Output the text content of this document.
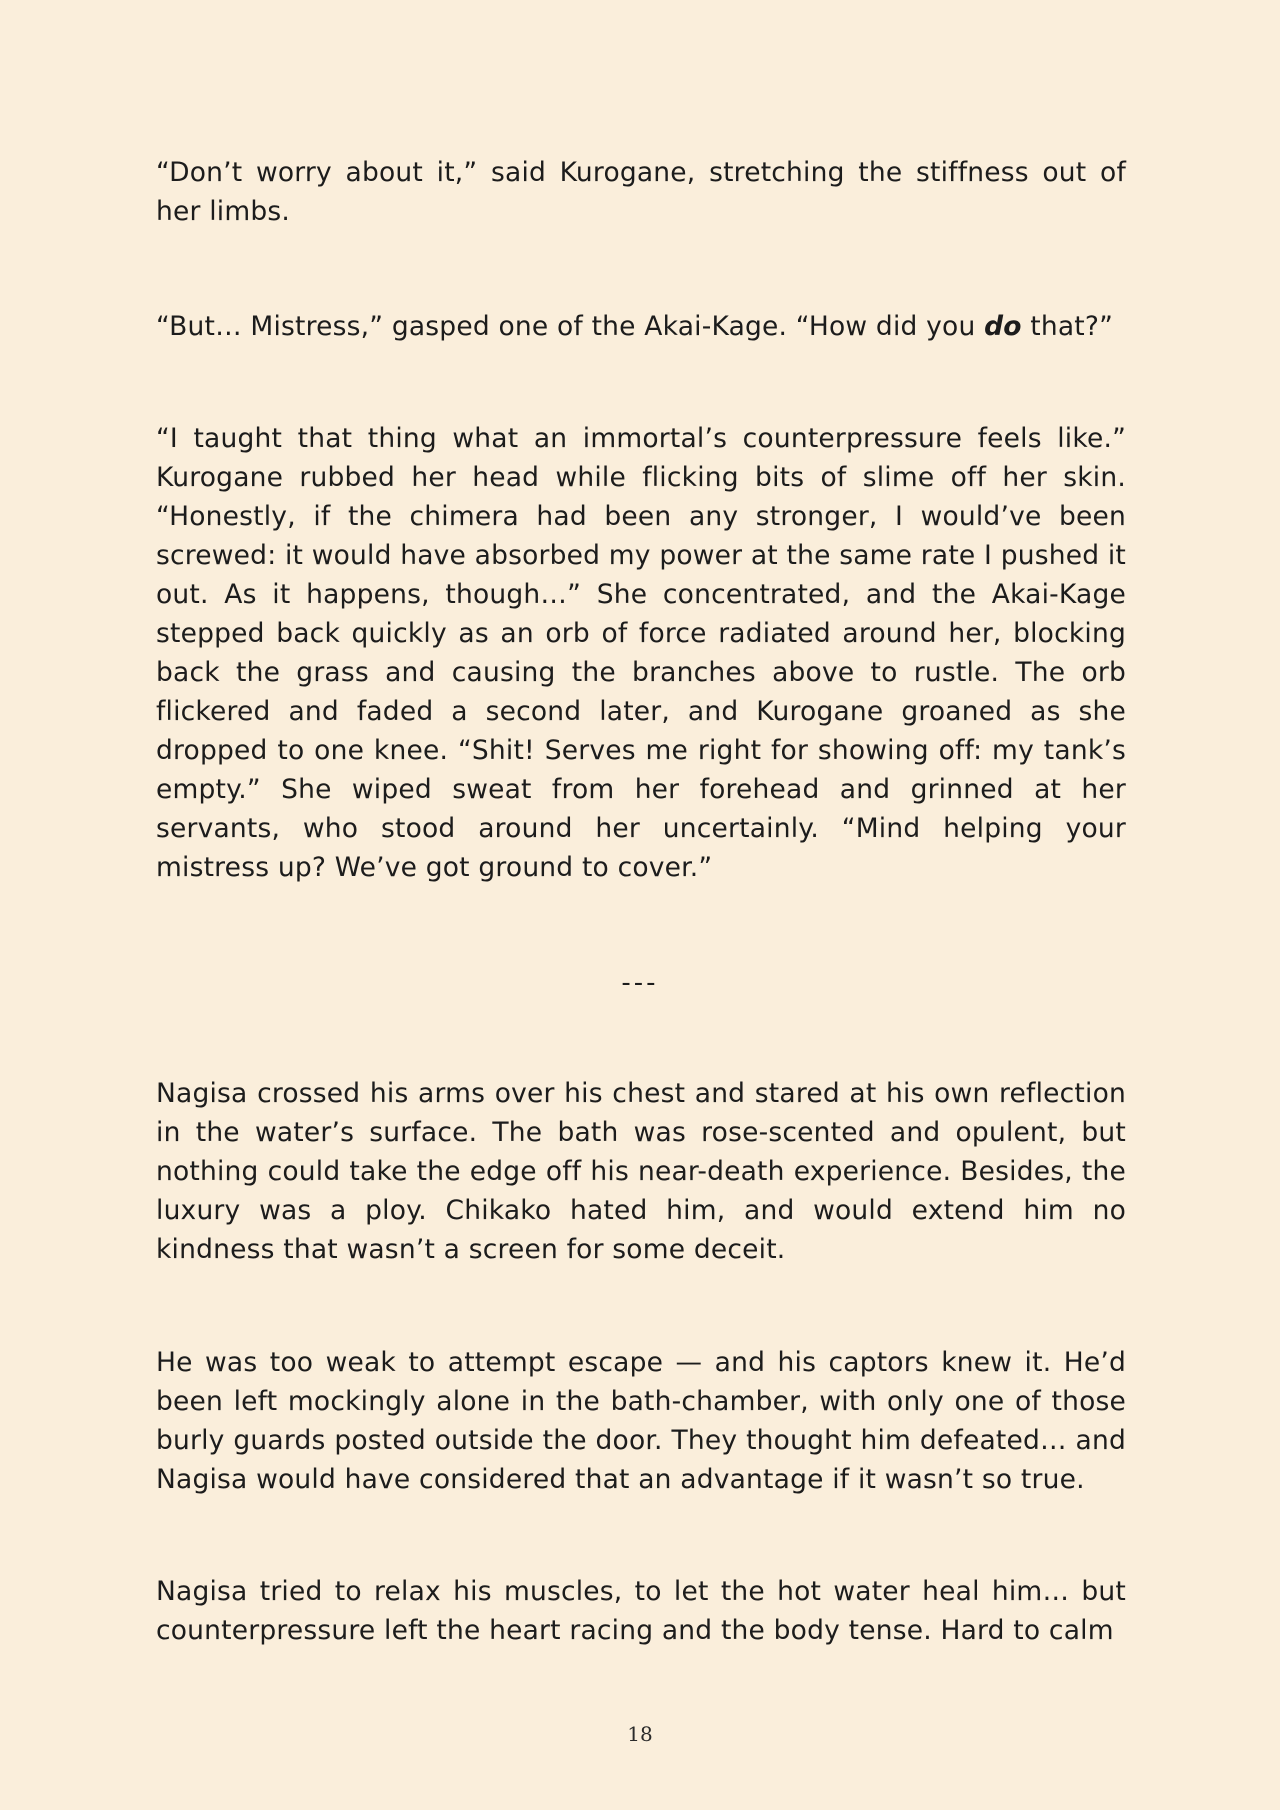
“Don’t worry about it,” said Kurogane, stretching the stiffness out of her limbs.

“But… Mistress,” gasped one of the Akai-Kage. “How did you do that?”

“I taught that thing what an immortal’s counterpressure feels like.” Kurogane rubbed her head while flicking bits of slime off her skin. “Honestly, if the chimera had been any stronger, I would’ve been screwed: it would have absorbed my power at the same rate I pushed it out. As it happens, though…” She concentrated, and the Akai-Kage stepped back quickly as an orb of force radiated around her, blocking back the grass and causing the branches above to rustle. The orb flickered and faded a second later, and Kurogane groaned as she dropped to one knee. “Shit! Serves me right for showing off: my tank’s empty.” She wiped sweat from her forehead and grinned at her servants, who stood around her uncertainly. “Mind helping your mistress up? We’ve got ground to cover.”

---

Nagisa crossed his arms over his chest and stared at his own reflection in the water’s surface. The bath was rose-scented and opulent, but nothing could take the edge off his near-death experience. Besides, the luxury was a ploy. Chikako hated him, and would extend him no kindness that wasn’t a screen for some deceit.

He was too weak to attempt escape — and his captors knew it. He’d been left mockingly alone in the bath-chamber, with only one of those burly guards posted outside the door. They thought him defeated… and Nagisa would have considered that an advantage if it wasn’t so true.

Nagisa tried to relax his muscles, to let the hot water heal him… but counterpressure left the heart racing and the body tense. Hard to calm

18
